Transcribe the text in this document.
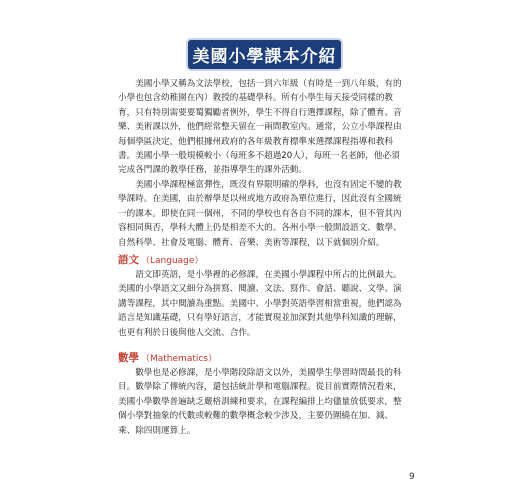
美國小學課本介紹
　　美國小學又稱為文法學校，包括一到六年級（有時是一到八年級，有的
小學也包含幼稚園在內）教授的基礎學科。所有小學生每天接受同樣的教
育，只有特別需要要蜀獨勵者例外，學生不得自行選擇課程，除了體育、音
樂、美術課以外，他們經常整天留在一兩間教室內。通常，公立小學課程由
每個學區決定，他們根據州政府的各年級教育標準來選擇課程指導和教科
書。美國小學一般規模較小（每班多不超過20人），每班一名老師，他必須
完成各門課的教學任務，並指導學生的課外活動。
　　美國小學課程極富彈性，既沒有界限明確的學科，也沒有固定不變的教
學課時。在美國，由於辦學是以州或地方政府為單位進行，因此沒有全國統
一的課本。即使在同一個州，不同的學校也有各自不同的課本，但不管其內
容相同與否，學科大體上仍是相差不大的。各州小學一般開設語文、數學、
自然科學、社會及電腦、體育、音樂、美術等課程，以下就個別介紹。
語文 （Language）
　　語文即英語，是小學裡的必修課，在美國小學課程中所占的比例最大。
美國的小學語文又細分為拼寫、閱讀、文法、寫作、會話、聽說、文學、演
講等課程，其中閱讀為重點。美國中、小學對英語學習相當重視，他們認為
語言是知識基礎，只有學好語言，才能實現並加深對其他學科知識的理解，
也更有利於日後與他人交流、合作。
數學 （Mathematics）
　　數學也是必修課，是小學階段除語文以外，美國學生學習時間最長的科
目。數學除了傳統內容，還包括統計學和電腦課程。從目前實際情況看來，
美國小學數學普遍缺乏嚴格訓練和要求，在課程編排上均儘量放低要求，整
個小學對抽象的代數或較難的數學概念較少涉及，主要仍圍繞在加、減、
乘、除四則運算上。
9
